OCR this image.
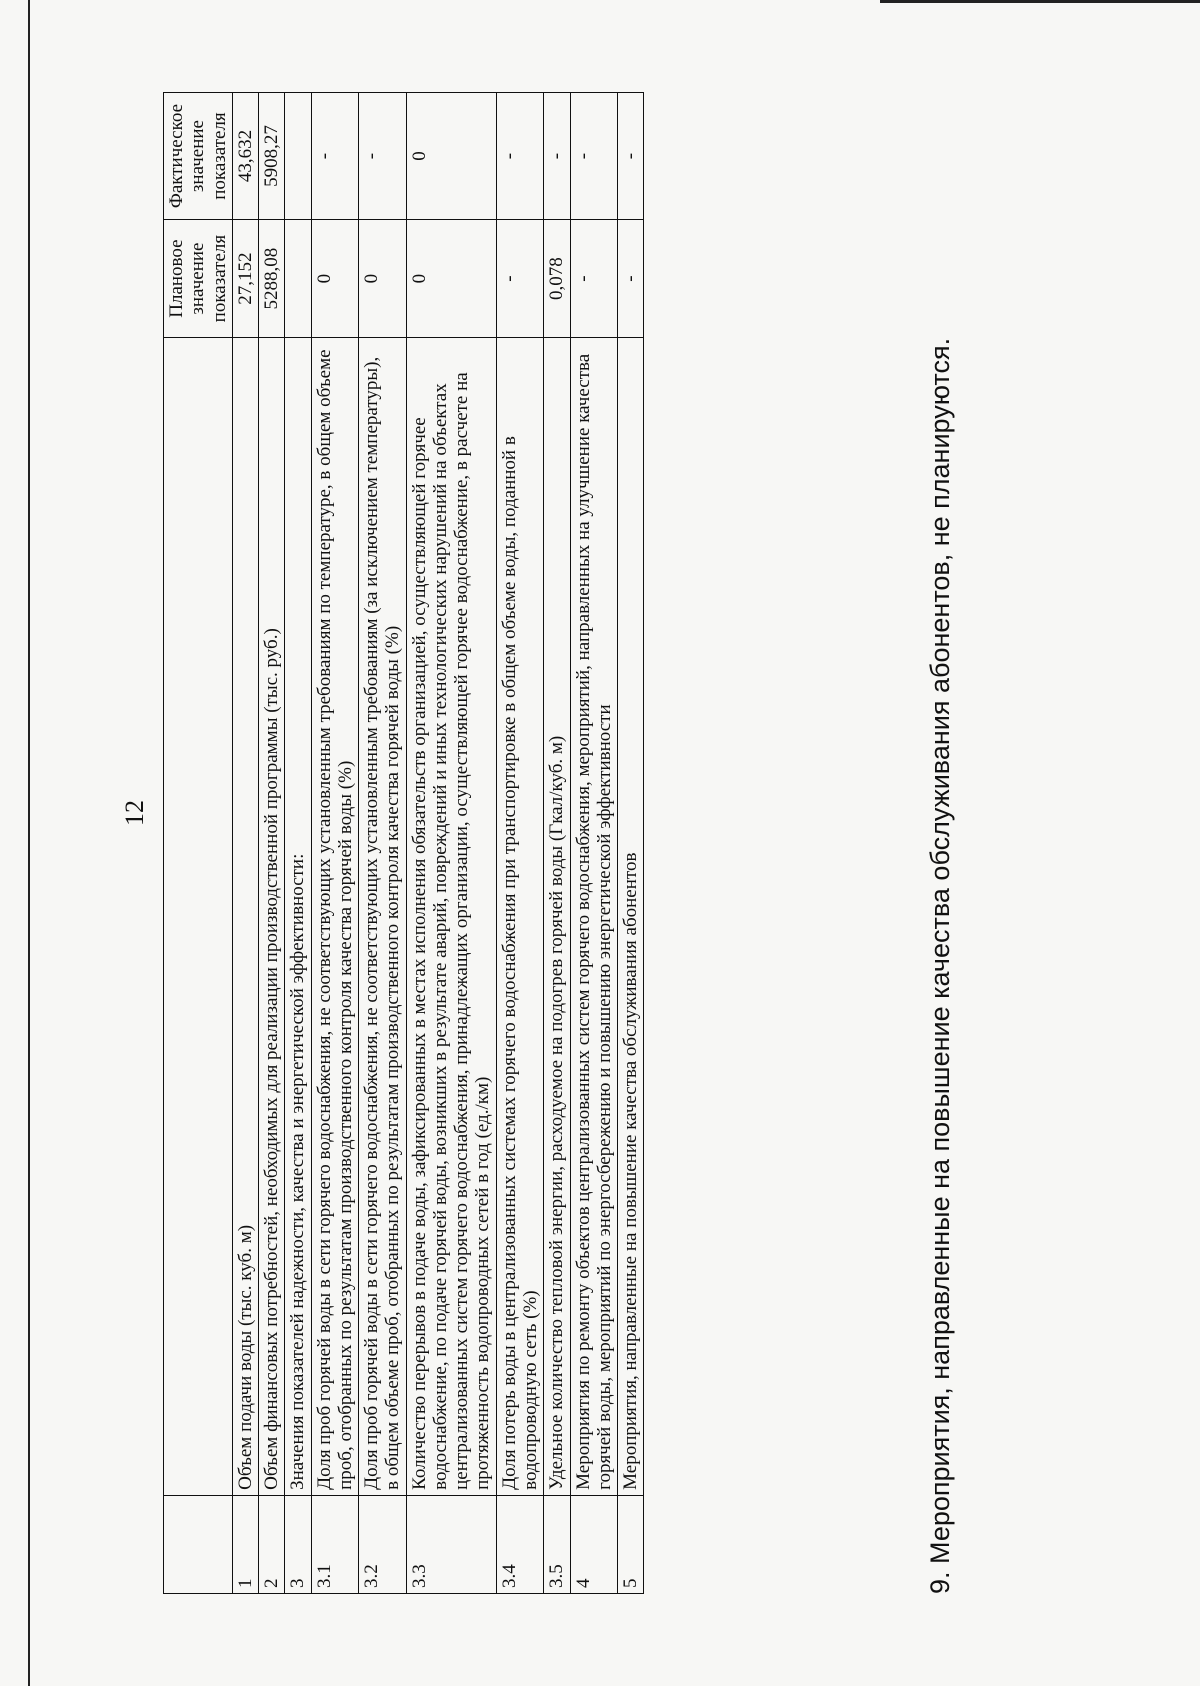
12
		Плановое значение показателя	Фактическое значение показателя
1	Объем подачи воды (тыс. куб. м)	27,152	43,632
2	Объем финансовых потребностей, необходимых для реализации производственной программы (тыс. руб.)	5288,08	5908,27
3	Значения показателей надежности, качества и энергетической эффективности:		
3.1	Доля проб горячей воды в сети горячего водоснабжения, не соответствующих установленным требованиям по температуре, в общем объеме проб, отобранных по результатам производственного контроля качества горячей воды (%)	0	-
3.2	Доля проб горячей воды в сети горячего водоснабжения, не соответствующих установленным требованиям (за исключением температуры), в общем объеме проб, отобранных по результатам производственного контроля качества горячей воды (%)	0	-
3.3	Количество перерывов в подаче воды, зафиксированных в местах исполнения обязательств организацией, осуществляющей горячее водоснабжение, по подаче горячей воды, возникших в результате аварий, повреждений и иных технологических нарушений на объектах централизованных систем горячего водоснабжения, принадлежащих организации, осуществляющей горячее водоснабжение, в расчете на протяженность водопроводных сетей в год (ед./км)	0	0
3.4	Доля потерь воды в централизованных системах горячего водоснабжения при транспортировке в общем объеме воды, поданной в водопроводную сеть (%)	-	-
3.5	Удельное количество тепловой энергии, расходуемое на подогрев горячей воды (Гкал/куб. м)	0,078	-
4	Мероприятия по ремонту объектов централизованных систем горячего водоснабжения, мероприятий, направленных на улучшение качества горячей воды, мероприятий по энергосбережению и повышению энергетической эффективности	-	-
5	Мероприятия, направленные на повышение качества обслуживания абонентов	-	-
9. Мероприятия, направленные на повышение качества обслуживания абонентов, не планируются.
